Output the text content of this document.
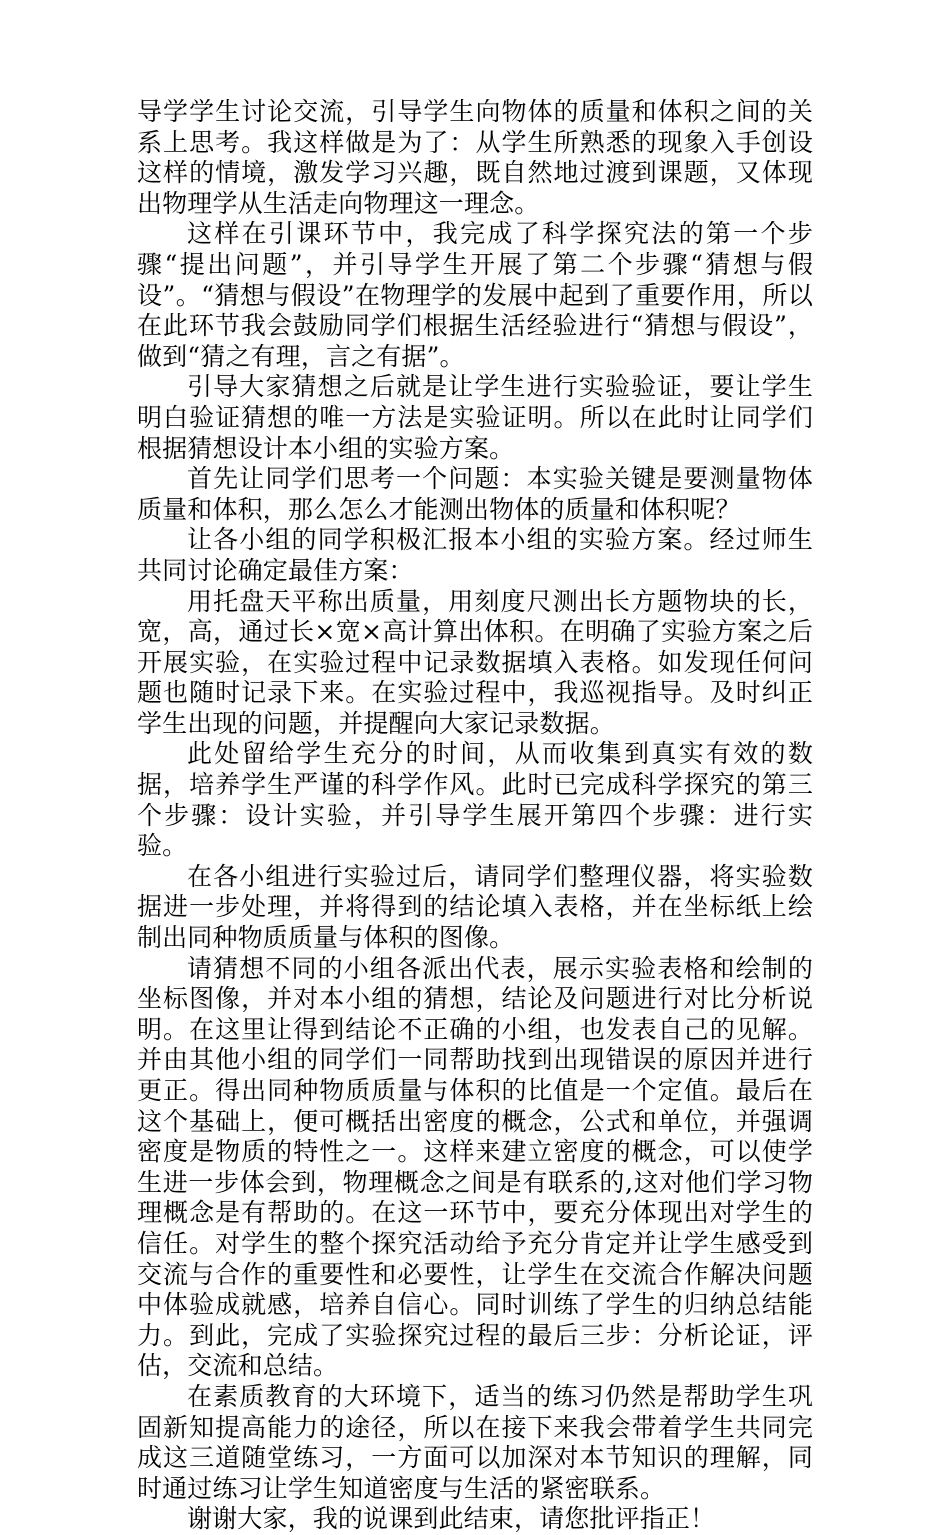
导学学生讨论交流，引导学生向物体的质量和体积之间的关系上思考。我这样做是为了：从学生所熟悉的现象入手创设这样的情境，激发学习兴趣，既自然地过渡到课题，又体现出物理学从生活走向物理这一理念。

这样在引课环节中，我完成了科学探究法的第一个步骤“提出问题”，并引导学生开展了第二个步骤“猜想与假设”。“猜想与假设”在物理学的发展中起到了重要作用，所以在此环节我会鼓励同学们根据生活经验进行“猜想与假设”，做到“猜之有理，言之有据”。

引导大家猜想之后就是让学生进行实验验证，要让学生明白验证猜想的唯一方法是实验证明。所以在此时让同学们根据猜想设计本小组的实验方案。

首先让同学们思考一个问题：本实验关键是要测量物体质量和体积，那么怎么才能测出物体的质量和体积呢？

让各小组的同学积极汇报本小组的实验方案。经过师生共同讨论确定最佳方案：

用托盘天平称出质量，用刻度尺测出长方题物块的长，宽，高，通过长×宽×高计算出体积。在明确了实验方案之后开展实验，在实验过程中记录数据填入表格。如发现任何问题也随时记录下来。在实验过程中，我巡视指导。及时纠正学生出现的问题，并提醒向大家记录数据。

此处留给学生充分的时间，从而收集到真实有效的数据，培养学生严谨的科学作风。此时已完成科学探究的第三个步骤：设计实验，并引导学生展开第四个步骤：进行实验。

在各小组进行实验过后，请同学们整理仪器，将实验数据进一步处理，并将得到的结论填入表格，并在坐标纸上绘制出同种物质质量与体积的图像。

请猜想不同的小组各派出代表，展示实验表格和绘制的坐标图像，并对本小组的猜想，结论及问题进行对比分析说明。在这里让得到结论不正确的小组，也发表自己的见解。并由其他小组的同学们一同帮助找到出现错误的原因并进行更正。得出同种物质质量与体积的比值是一个定值。最后在这个基础上，便可概括出密度的概念，公式和单位，并强调密度是物质的特性之一。这样来建立密度的概念，可以使学生进一步体会到，物理概念之间是有联系的,这对他们学习物理概念是有帮助的。在这一环节中，要充分体现出对学生的信任。对学生的整个探究活动给予充分肯定并让学生感受到交流与合作的重要性和必要性，让学生在交流合作解决问题中体验成就感，培养自信心。同时训练了学生的归纳总结能力。到此，完成了实验探究过程的最后三步：分析论证，评估，交流和总结。

在素质教育的大环境下，适当的练习仍然是帮助学生巩固新知提高能力的途径，所以在接下来我会带着学生共同完成这三道随堂练习，一方面可以加深对本节知识的理解，同时通过练习让学生知道密度与生活的紧密联系。

谢谢大家，我的说课到此结束，请您批评指正！
